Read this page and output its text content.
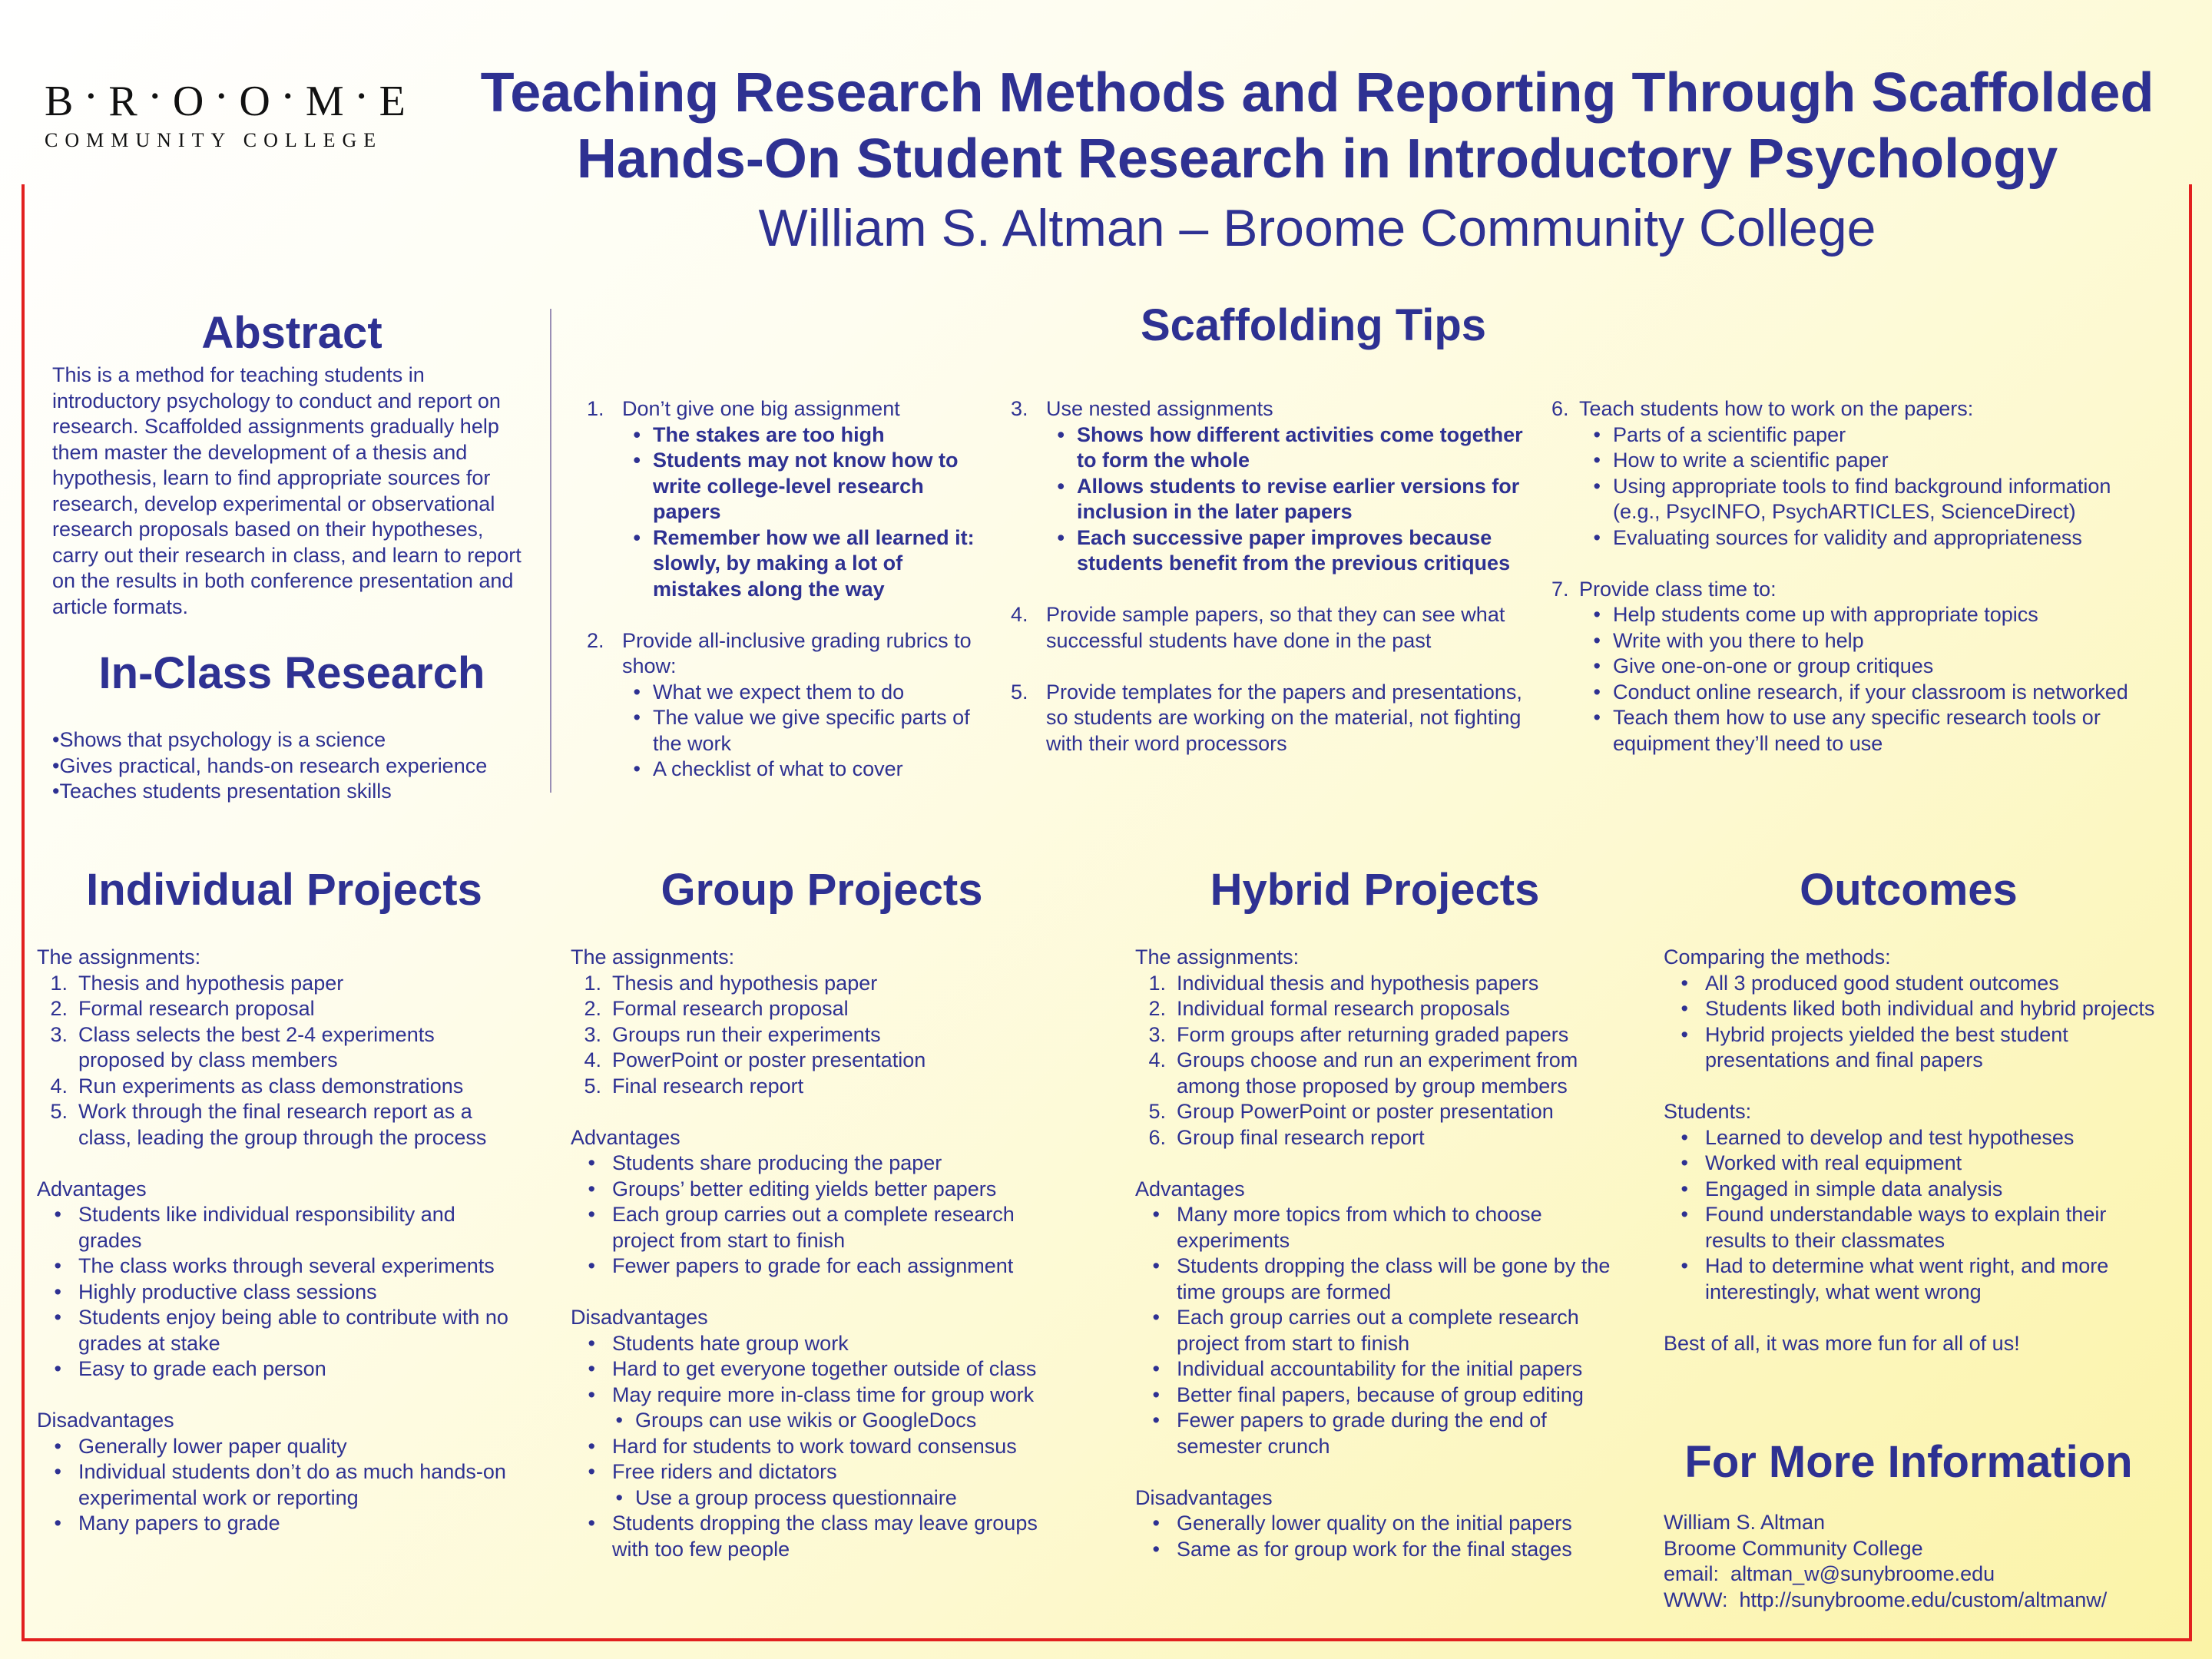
B • R • O • O • M • E
COMMUNITY COLLEGE
Teaching Research Methods and Reporting Through Scaffolded
Hands-On Student Research in Introductory Psychology
William S. Altman – Broome Community College
Abstract

This is a method for teaching students in introductory psychology to conduct and report on research. Scaffolded assignments gradually help them master the development of a thesis and hypothesis, learn to find appropriate sources for research, develop experimental or observational research proposals based on their hypotheses, carry out their research in class, and learn to report on the results in both conference presentation and article formats.

In-Class Research

•Shows that psychology is a science

•Gives practical, hands-on research experience

•Teaches students presentation skills

Scaffolding Tips
1. Don’t give one big assignment
• The stakes are too high
• Students may not know how to write college-level research papers
• Remember how we all learned it: slowly, by making a lot of mistakes along the way
2. Provide all-inclusive grading rubrics to show:
• What we expect them to do
• The value we give specific parts of the work
• A checklist of what to cover
3. Use nested assignments
• Shows how different activities come together to form the whole
• Allows students to revise earlier versions for inclusion in the later papers
• Each successive paper improves because students benefit from the previous critiques
4. Provide sample papers, so that they can see what successful students have done in the past
5. Provide templates for the papers and presentations, so students are working on the material, not fighting with their word processors
6. Teach students how to work on the papers:
• Parts of a scientific paper
• How to write a scientific paper
• Using appropriate tools to find background information (e.g., PsycINFO, PsychARTICLES, ScienceDirect)
• Evaluating sources for validity and appropriateness
7. Provide class time to:
• Help students come up with appropriate topics
• Write with you there to help
• Give one-on-one or group critiques
• Conduct online research, if your classroom is networked
• Teach them how to use any specific research tools or equipment they’ll need to use
Individual Projects

The assignments:

1. Thesis and hypothesis paper
2. Formal research proposal
3. Class selects the best 2-4 experiments proposed by class members
4. Run experiments as class demonstrations
5. Work through the final research report as a class, leading the group through the process

Advantages

• Students like individual responsibility and grades
• The class works through several experiments
• Highly productive class sessions
• Students enjoy being able to contribute with no grades at stake
• Easy to grade each person

Disadvantages

• Generally lower paper quality
• Individual students don’t do as much hands-on experimental work or reporting
• Many papers to grade
Group Projects

The assignments:

1. Thesis and hypothesis paper
2. Formal research proposal
3. Groups run their experiments
4. PowerPoint or poster presentation
5. Final research report

Advantages

• Students share producing the paper
• Groups’ better editing yields better papers
• Each group carries out a complete research project from start to finish
• Fewer papers to grade for each assignment

Disadvantages

• Students hate group work
• Hard to get everyone together outside of class
• May require more in-class time for group work
• Groups can use wikis or GoogleDocs
• Hard for students to work toward consensus
• Free riders and dictators
• Use a group process questionnaire
• Students dropping the class may leave groups with too few people
Hybrid Projects

The assignments:

1. Individual thesis and hypothesis papers
2. Individual formal research proposals
3. Form groups after returning graded papers
4. Groups choose and run an experiment from among those proposed by group members
5. Group PowerPoint or poster presentation
6. Group final research report

Advantages

• Many more topics from which to choose experiments
• Students dropping the class will be gone by the time groups are formed
• Each group carries out a complete research project from start to finish
• Individual accountability for the initial papers
• Better final papers, because of group editing
• Fewer papers to grade during the end of semester crunch

Disadvantages

• Generally lower quality on the initial papers
• Same as for group work for the final stages
Outcomes

Comparing the methods:

• All 3 produced good student outcomes
• Students liked both individual and hybrid projects
• Hybrid projects yielded the best student presentations and final papers

Students:

• Learned to develop and test hypotheses
• Worked with real equipment
• Engaged in simple data analysis
• Found understandable ways to explain their results to their classmates
• Had to determine what went right, and more interestingly, what went wrong

Best of all, it was more fun for all of us!

For More Information

William S. Altman

Broome Community College

email: altman_w@sunybroome.edu

WWW: http://sunybroome.edu/custom/altmanw/
